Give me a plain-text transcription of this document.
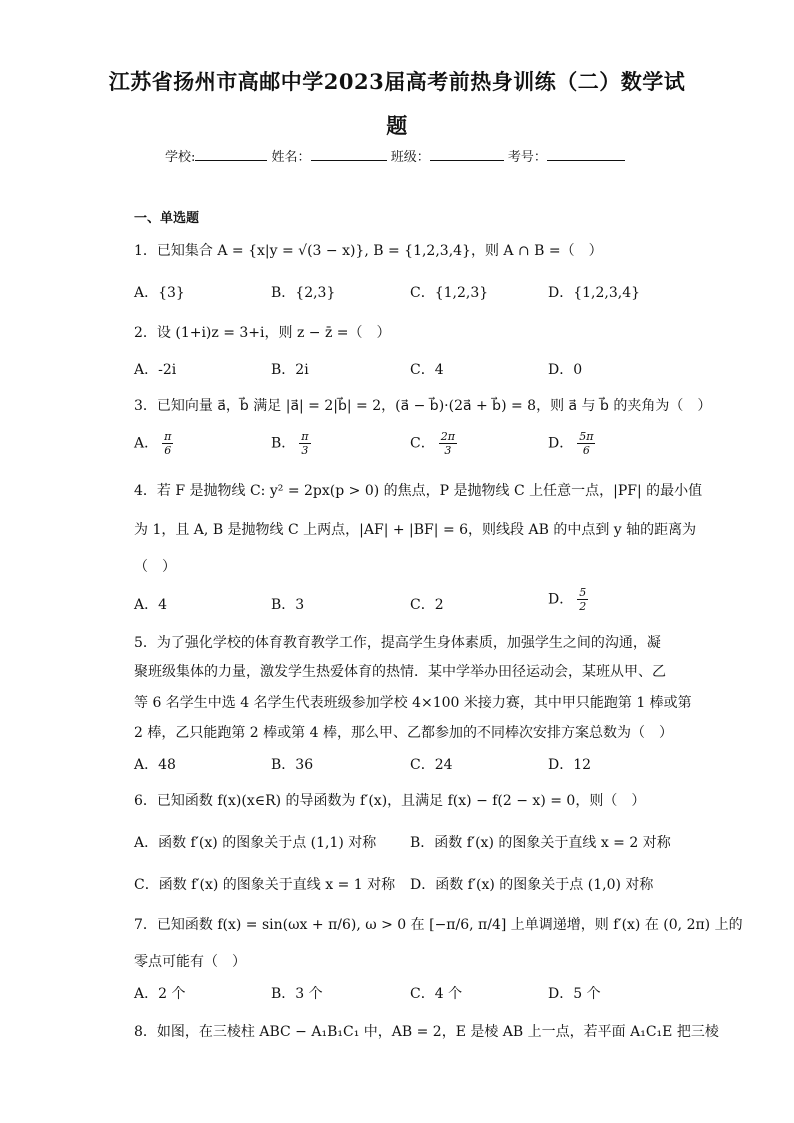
江苏省扬州市高邮中学2023届高考前热身训练（二）数学试
题
学校:	姓名：	班级：	考号：
一、单选题
1．已知集合 A = {x|y = √(3 − x)}, B = {1,2,3,4}，则 A ∩ B =（　）
A．{3}	B．{2,3}	C．{1,2,3}	D．{1,2,3,4}
2．设 (1+i)z = 3+i，则 z − z̄ =（　）
A．-2i	B．2i	C．4	D．0
3．已知向量 a⃗，b⃗ 满足 |a⃗| = 2|b⃗| = 2，(a⃗ − b⃗)·(2a⃗ + b⃗) = 8，则 a⃗ 与 b⃗ 的夹角为（　）
A． $\frac{\pi}{6}$	B． $\frac{\pi}{3}$	C． $\frac{2\pi}{3}$	D． $\frac{5\pi}{6}$
4．若 F 是抛物线 C: y² = 2px(p > 0) 的焦点，P 是抛物线 C 上任意一点，|PF| 的最小值
为 1，且 A, B 是抛物线 C 上两点，|AF| + |BF| = 6，则线段 AB 的中点到 y 轴的距离为
（　）
A．4	B．3	C．2	D． $\frac{5}{2}$
5．为了强化学校的体育教育教学工作，提高学生身体素质，加强学生之间的沟通，凝
聚班级集体的力量，激发学生热爱体育的热情．某中学举办田径运动会，某班从甲、乙
等 6 名学生中选 4 名学生代表班级参加学校 4×100 米接力赛，其中甲只能跑第 1 棒或第
2 棒，乙只能跑第 2 棒或第 4 棒，那么甲、乙都参加的不同棒次安排方案总数为（　）
A．48	B．36	C．24	D．12
6．已知函数 f(x)(x∈R) 的导函数为 f′(x)，且满足 f(x) − f(2 − x) = 0，则（　）
A．函数 f′(x) 的图象关于点 (1,1) 对称 B．函数 f′(x) 的图象关于直线 x = 2 对称
C．函数 f′(x) 的图象关于直线 x = 1 对称 D．函数 f′(x) 的图象关于点 (1,0) 对称
7．已知函数 f(x) = sin(ωx + π/6), ω > 0 在 [−π/6, π/4] 上单调递增，则 f′(x) 在 (0, 2π) 上的
零点可能有（　）
A．2 个	B．3 个	C．4 个	D．5 个
8．如图，在三棱柱 ABC − A₁B₁C₁ 中，AB = 2，E 是棱 AB 上一点，若平面 A₁C₁E 把三棱
